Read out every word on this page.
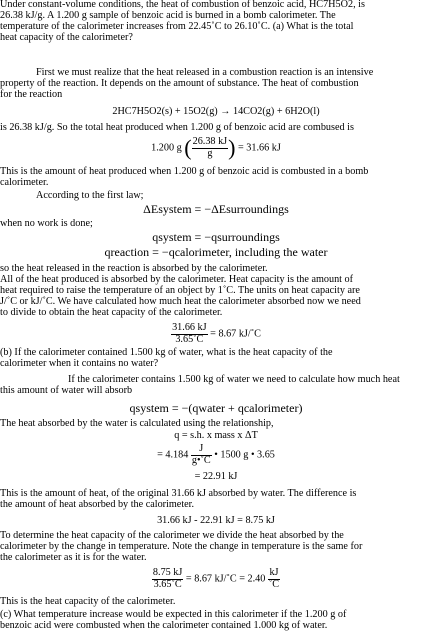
Under constant-volume conditions, the heat of combustion of benzoic acid, HC7H5O2, is
26.38 kJ/g. A 1.200 g sample of benzoic acid is burned in a bomb calorimeter. The
temperature of the calorimeter increases from 22.45˚C to 26.10˚C. (a) What is the total
heat capacity of the calorimeter?
First we must realize that the heat released in a combustion reaction is an intensive
property of the reaction. It depends on the amount of substance. The heat of combustion
for the reaction
2HC7H5O2(s) + 15O2(g) → 14CO2(g) + 6H2O(l)
is 26.38 kJ/g. So the total heat produced when 1.200 g of benzoic acid are combused is
1.200 g ( $\frac{26.38 kJ}{g}$ ) = 31.66 kJ
This is the amount of heat produced when 1.200 g of benzoic acid is combusted in a bomb
calorimeter.
According to the first law;
ΔEsystem = −ΔEsurroundings
when no work is done;
qsystem = −qsurroundings
qreaction = −qcalorimeter, including the water
so the heat released in the reaction is absorbed by the calorimeter.
All of the heat produced is absorbed by the calorimeter. Heat capacity is the amount of
heat required to raise the temperature of an object by 1˚C. The units on heat capacity are
J/˚C or kJ/˚C. We have calculated how much heat the calorimeter absorbed now we need
to divide to obtain the heat capacity of the calorimeter.
$\frac{31.66 kJ}{3.65˚C} = 8.67$ kJ/˚C
(b) If the calorimeter contained 1.500 kg of water, what is the heat capacity of the
calorimeter when it contains no water?
If the calorimeter contains 1.500 kg of water we need to calculate how much heat
this amount of water will absorb
qsystem = −(qwater + qcalorimeter)
The heat absorbed by the water is calculated using the relationship,
q = s.h. x mass x ΔT
= $4.184 \frac{J}{g•˚C}$ • 1500 g • 3.65
= 22.91 kJ
This is the amount of heat, of the original 31.66 kJ absorbed by water. The difference is
the amount of heat absorbed by the calorimeter.
31.66 kJ - 22.91 kJ = 8.75 kJ
To determine the heat capacity of the calorimeter we divide the heat absorbed by the
calorimeter by the change in temperature. Note the change in temperature is the same for
the calorimeter as it is for the water.
$\frac{8.75 kJ}{3.65˚C} = 8.67$ kJ/˚C = $2.40 \frac{kJ}{˚C}$
This is the heat capacity of the calorimeter.
(c) What temperature increase would be expected in this calorimeter if the 1.200 g of
benzoic acid were combusted when the calorimeter contained 1.000 kg of water.
